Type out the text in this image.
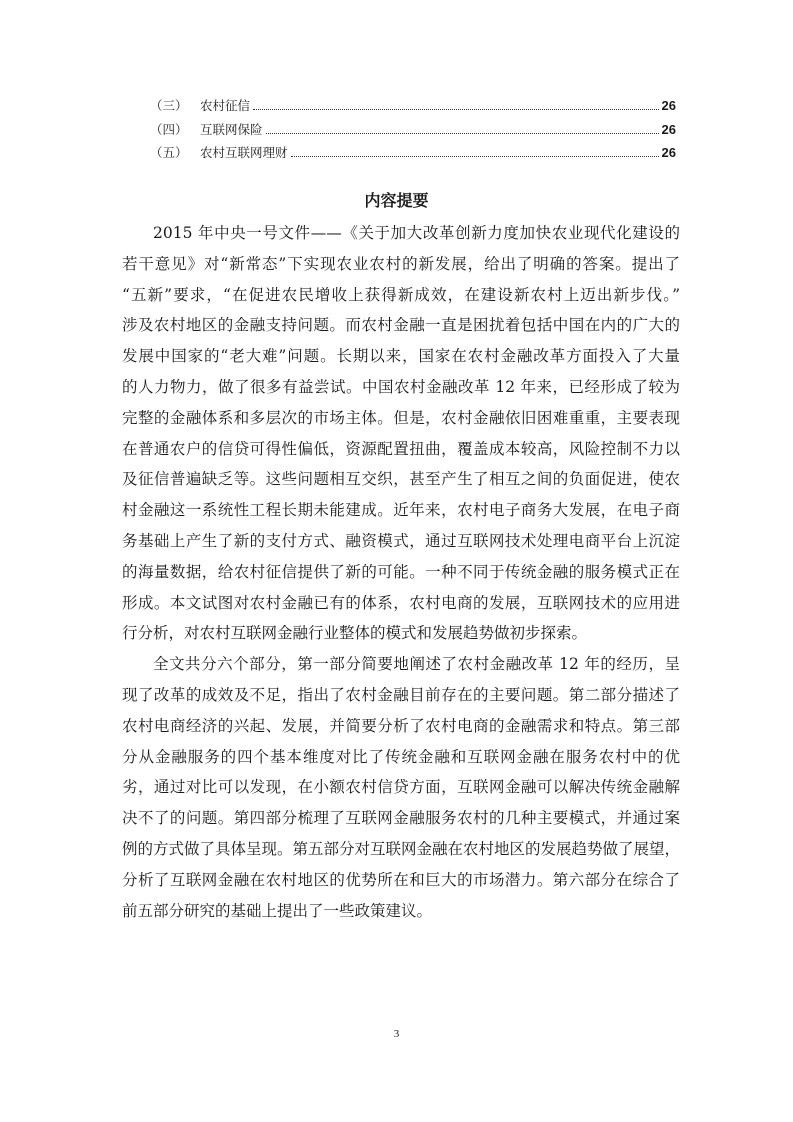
（三） 农村征信	26
（四） 互联网保险	26
（五） 农村互联网理财	26
内容提要
2015 年中央一号文件——《关于加大改革创新力度加快农业现代化建设的
若干意见》对“新常态”下实现农业农村的新发展，给出了明确的答案。提出了
“五新”要求，“在促进农民增收上获得新成效，在建设新农村上迈出新步伐。”
涉及农村地区的金融支持问题。而农村金融一直是困扰着包括中国在内的广大的
发展中国家的“老大难”问题。长期以来，国家在农村金融改革方面投入了大量
的人力物力，做了很多有益尝试。中国农村金融改革 12 年来，已经形成了较为
完整的金融体系和多层次的市场主体。但是，农村金融依旧困难重重，主要表现
在普通农户的信贷可得性偏低，资源配置扭曲，覆盖成本较高，风险控制不力以
及征信普遍缺乏等。这些问题相互交织，甚至产生了相互之间的负面促进，使农
村金融这一系统性工程长期未能建成。近年来，农村电子商务大发展，在电子商
务基础上产生了新的支付方式、融资模式，通过互联网技术处理电商平台上沉淀
的海量数据，给农村征信提供了新的可能。一种不同于传统金融的服务模式正在
形成。本文试图对农村金融已有的体系，农村电商的发展，互联网技术的应用进
行分析，对农村互联网金融行业整体的模式和发展趋势做初步探索。
全文共分六个部分，第一部分简要地阐述了农村金融改革 12 年的经历，呈
现了改革的成效及不足，指出了农村金融目前存在的主要问题。第二部分描述了
农村电商经济的兴起、发展，并简要分析了农村电商的金融需求和特点。第三部
分从金融服务的四个基本维度对比了传统金融和互联网金融在服务农村中的优
劣，通过对比可以发现，在小额农村信贷方面，互联网金融可以解决传统金融解
决不了的问题。第四部分梳理了互联网金融服务农村的几种主要模式，并通过案
例的方式做了具体呈现。第五部分对互联网金融在农村地区的发展趋势做了展望，
分析了互联网金融在农村地区的优势所在和巨大的市场潜力。第六部分在综合了
前五部分研究的基础上提出了一些政策建议。
3
